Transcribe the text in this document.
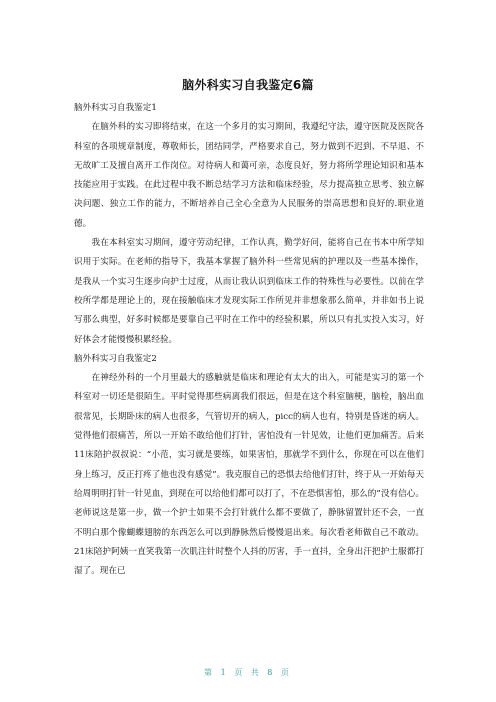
脑外科实习自我鉴定6篇

脑外科实习自我鉴定1

在脑外科的实习即将结束，在这一个多月的实习期间，我遵纪守法，遵守医院及医院各科室的各项规章制度，尊敬师长，团结同学，严格要求自己，努力做到不迟到、不早退、不无故旷工及擅自离开工作岗位。对待病人和蔼可亲，态度良好，努力将所学理论知识和基本技能应用于实践。在此过程中我不断总结学习方法和临床经验，尽力提高独立思考、独立解决问题、独立工作的能力，不断培养自己全心全意为人民服务的崇高思想和良好的.职业道德。

我在本科室实习期间，遵守劳动纪律，工作认真，勤学好问，能将自己在书本中所学知识用于实际。在老师的指导下，我基本掌握了脑外科一些常见病的护理以及一些基本操作，是我从一个实习生逐步向护士过度，从而让我认识到临床工作的特殊性与必要性。以前在学校所学都是理论上的，现在接触临床才发现实际工作所见并非想象那么简单，并非如书上说写那么典型，好多时候都是要靠自己平时在工作中的经验积累，所以只有扎实投入实习，好好体会才能慢慢积累经验。

脑外科实习自我鉴定2

在神经外科的一个月里最大的感触就是临床和理论有太大的出入，可能是实习的第一个科室对一切还是很陌生。平时觉得那些病离我们很远，但是在这个科室脑梗，脑栓，脑出血很常见，长期卧床的病人也很多，气管切开的病人，picc的病人也有，特别是昏迷的病人。觉得他们很痛苦，所以一开始不敢给他们打针，害怕没有一针见效，让他们更加痛苦。后来11床陪护叔叔说：“小范，实习就是要练，如果害怕，那就学不到什么，你现在可以在他们身上练习，反正打疼了他也没有感觉”。我克服自己的恐惧去给他们打针，终于从一开始每天给周明明打针一针见血，到现在可以给他们都可以打了，不在恐惧害怕，那么的”没有信心。老师说这是第一步，做一个护士如果不会打针就什么都不要做了，静脉留置针还不会，一直不明白那个像蝴蝶翅膀的东西怎么可以到静脉然后慢慢退出来。每次看老师做自己不敢动。21床陪护阿姨一直笑我第一次肌注针时整个人抖的厉害，手一直抖，全身出汗把护士服都打湿了。现在已

第 1 页 共 8 页
